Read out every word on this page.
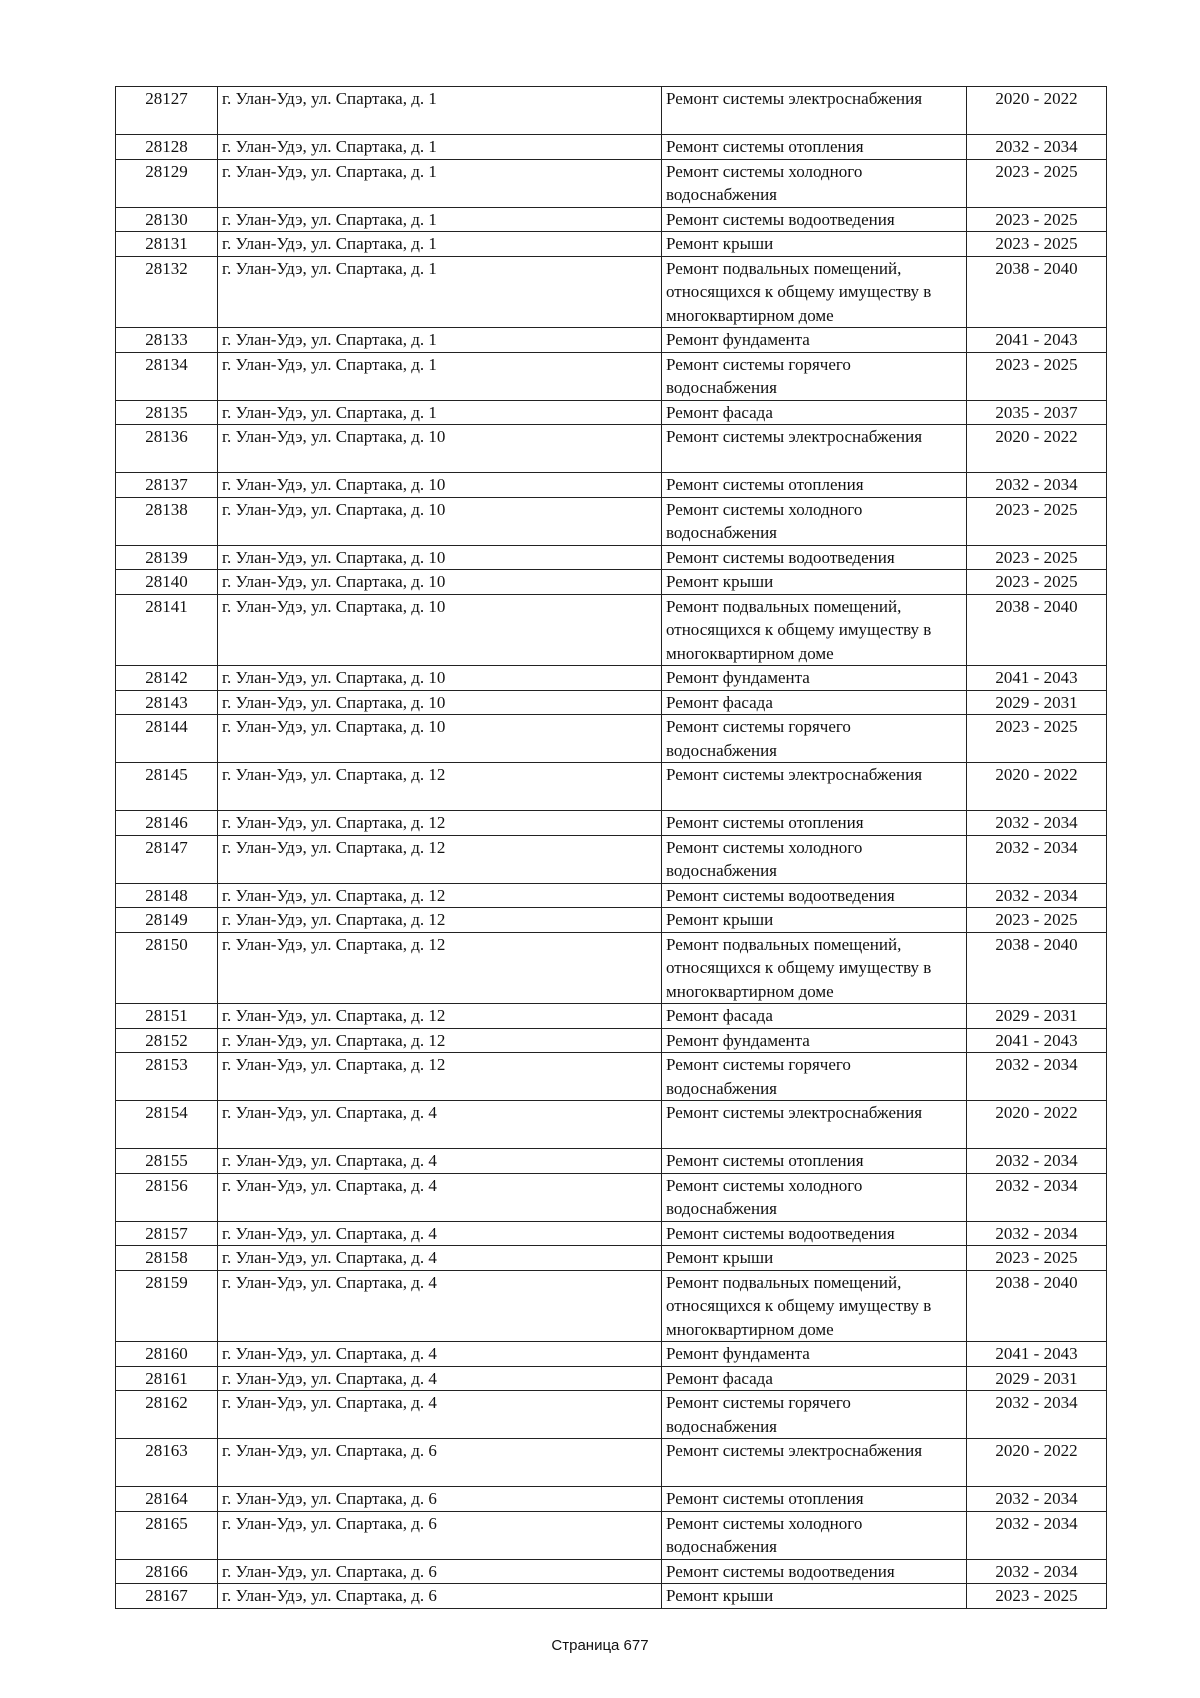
28127	г. Улан-Удэ, ул. Спартака, д. 1	Ремонт системы электроснабжения	2020 - 2022
28128	г. Улан-Удэ, ул. Спартака, д. 1	Ремонт системы отопления	2032 - 2034
28129	г. Улан-Удэ, ул. Спартака, д. 1	Ремонт системы холодного
водоснабжения	2023 - 2025
28130	г. Улан-Удэ, ул. Спартака, д. 1	Ремонт системы водоотведения	2023 - 2025
28131	г. Улан-Удэ, ул. Спартака, д. 1	Ремонт крыши	2023 - 2025
28132	г. Улан-Удэ, ул. Спартака, д. 1	Ремонт подвальных помещений,
относящихся к общему имуществу в
многоквартирном доме	2038 - 2040
28133	г. Улан-Удэ, ул. Спартака, д. 1	Ремонт фундамента	2041 - 2043
28134	г. Улан-Удэ, ул. Спартака, д. 1	Ремонт системы горячего
водоснабжения	2023 - 2025
28135	г. Улан-Удэ, ул. Спартака, д. 1	Ремонт фасада	2035 - 2037
28136	г. Улан-Удэ, ул. Спартака, д. 10	Ремонт системы электроснабжения	2020 - 2022
28137	г. Улан-Удэ, ул. Спартака, д. 10	Ремонт системы отопления	2032 - 2034
28138	г. Улан-Удэ, ул. Спартака, д. 10	Ремонт системы холодного
водоснабжения	2023 - 2025
28139	г. Улан-Удэ, ул. Спартака, д. 10	Ремонт системы водоотведения	2023 - 2025
28140	г. Улан-Удэ, ул. Спартака, д. 10	Ремонт крыши	2023 - 2025
28141	г. Улан-Удэ, ул. Спартака, д. 10	Ремонт подвальных помещений,
относящихся к общему имуществу в
многоквартирном доме	2038 - 2040
28142	г. Улан-Удэ, ул. Спартака, д. 10	Ремонт фундамента	2041 - 2043
28143	г. Улан-Удэ, ул. Спартака, д. 10	Ремонт фасада	2029 - 2031
28144	г. Улан-Удэ, ул. Спартака, д. 10	Ремонт системы горячего
водоснабжения	2023 - 2025
28145	г. Улан-Удэ, ул. Спартака, д. 12	Ремонт системы электроснабжения	2020 - 2022
28146	г. Улан-Удэ, ул. Спартака, д. 12	Ремонт системы отопления	2032 - 2034
28147	г. Улан-Удэ, ул. Спартака, д. 12	Ремонт системы холодного
водоснабжения	2032 - 2034
28148	г. Улан-Удэ, ул. Спартака, д. 12	Ремонт системы водоотведения	2032 - 2034
28149	г. Улан-Удэ, ул. Спартака, д. 12	Ремонт крыши	2023 - 2025
28150	г. Улан-Удэ, ул. Спартака, д. 12	Ремонт подвальных помещений,
относящихся к общему имуществу в
многоквартирном доме	2038 - 2040
28151	г. Улан-Удэ, ул. Спартака, д. 12	Ремонт фасада	2029 - 2031
28152	г. Улан-Удэ, ул. Спартака, д. 12	Ремонт фундамента	2041 - 2043
28153	г. Улан-Удэ, ул. Спартака, д. 12	Ремонт системы горячего
водоснабжения	2032 - 2034
28154	г. Улан-Удэ, ул. Спартака, д. 4	Ремонт системы электроснабжения	2020 - 2022
28155	г. Улан-Удэ, ул. Спартака, д. 4	Ремонт системы отопления	2032 - 2034
28156	г. Улан-Удэ, ул. Спартака, д. 4	Ремонт системы холодного
водоснабжения	2032 - 2034
28157	г. Улан-Удэ, ул. Спартака, д. 4	Ремонт системы водоотведения	2032 - 2034
28158	г. Улан-Удэ, ул. Спартака, д. 4	Ремонт крыши	2023 - 2025
28159	г. Улан-Удэ, ул. Спартака, д. 4	Ремонт подвальных помещений,
относящихся к общему имуществу в
многоквартирном доме	2038 - 2040
28160	г. Улан-Удэ, ул. Спартака, д. 4	Ремонт фундамента	2041 - 2043
28161	г. Улан-Удэ, ул. Спартака, д. 4	Ремонт фасада	2029 - 2031
28162	г. Улан-Удэ, ул. Спартака, д. 4	Ремонт системы горячего
водоснабжения	2032 - 2034
28163	г. Улан-Удэ, ул. Спартака, д. 6	Ремонт системы электроснабжения	2020 - 2022
28164	г. Улан-Удэ, ул. Спартака, д. 6	Ремонт системы отопления	2032 - 2034
28165	г. Улан-Удэ, ул. Спартака, д. 6	Ремонт системы холодного
водоснабжения	2032 - 2034
28166	г. Улан-Удэ, ул. Спартака, д. 6	Ремонт системы водоотведения	2032 - 2034
28167	г. Улан-Удэ, ул. Спартака, д. 6	Ремонт крыши	2023 - 2025
Страница 677
